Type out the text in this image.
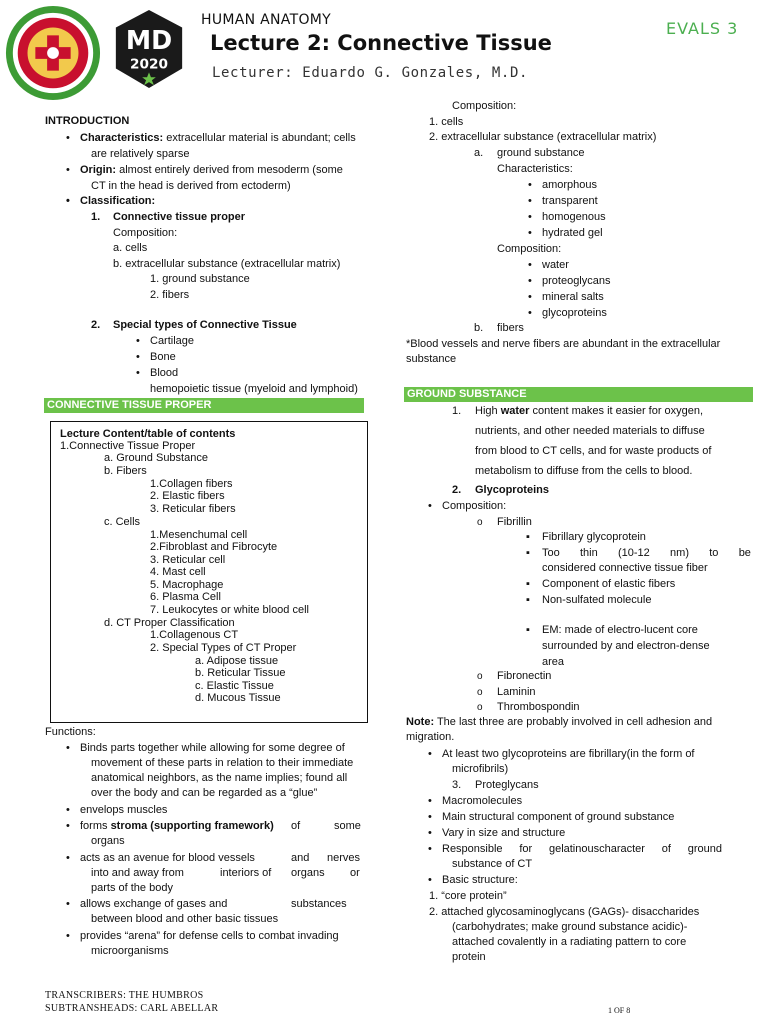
MD
2020
HUMAN ANATOMY
Lecture 2: Connective Tissue
Lecturer: Eduardo G. Gonzales, M.D.
EVALS 3
INTRODUCTION
• Characteristics: extracellular material is abundant; cells
are relatively sparse
• Origin: almost entirely derived from mesoderm (some
CT in the head is derived from ectoderm)
• Classification:
1. Connective tissue proper
Composition:
a. cells
b. extracellular substance (extracellular matrix)
1. ground substance
2. fibers
2. Special types of Connective Tissue
• Cartilage
• Bone
• Blood
hemopoietic tissue (myeloid and lymphoid)
CONNECTIVE TISSUE PROPER
Lecture Content/table of contents
1.Connective Tissue Proper
a. Ground Substance
b. Fibers
1.Collagen fibers
2. Elastic fibers
3. Reticular fibers
c. Cells
1.Mesenchumal cell
2.Fibroblast and Fibrocyte
3. Reticular cell
4. Mast cell
5. Macrophage
6. Plasma Cell
7. Leukocytes or white blood cell
d. CT Proper Classification
1.Collagenous CT
2. Special Types of CT Proper
a. Adipose tissue
b. Reticular Tissue
c. Elastic Tissue
d. Mucous Tissue
Functions:
• Binds parts together while allowing for some degree of
movement of these parts in relation to their immediate
anatomical neighbors, as the name implies; found all
over the body and can be regarded as a “glue”
• envelops muscles
• forms stroma (supporting framework) of	some
organs
• acts as an avenue for blood vessels	and nerves
into and away from	interiors of organs or
parts of the body
• allows exchange of gases and	substances
between blood and other basic tissues
• provides “arena” for defense cells to combat invading
microorganisms
Composition:
1. cells
2. extracellular substance (extracellular matrix)
a. ground substance
Characteristics:
• amorphous
• transparent
• homogenous
• hydrated gel
Composition:
• water
• proteoglycans
• mineral salts
• glycoproteins
b. fibers
*Blood vessels and nerve fibers are abundant in the extracellular
substance
GROUND SUBSTANCE
1. High water content makes it easier for oxygen,
nutrients, and other needed materials to diffuse
from blood to CT cells, and for waste products of
metabolism to diffuse from the cells to blood.
2. Glycoproteins
• Composition:
o Fibrillin
▪ Fibrillary glycoprotein
▪ Too thin (10-12 nm) to be
considered connective tissue fiber
▪ Component of elastic fibers
▪ Non-sulfated molecule
▪ EM: made of electro-lucent core
surrounded by and electron-dense
area
o Fibronectin
o Laminin
o Thrombospondin
Note: The last three are probably involved in cell adhesion and
migration.
• At least two glycoproteins are fibrillary(in the form of
microfibrils)
3. Proteglycans
• Macromolecules
• Main structural component of ground substance
• Vary in size and structure
• Responsible for gelatinouscharacter of ground
substance of CT
• Basic structure:
1. “core protein”
2. attached glycosaminoglycans (GAGs)- disaccharides
(carbohydrates; make ground substance acidic)-
attached covalently in a radiating pattern to core
protein
TRANSCRIBERS: THE HUMBROS
SUBTRANSHEADS: CARL ABELLAR	1 OF 8
